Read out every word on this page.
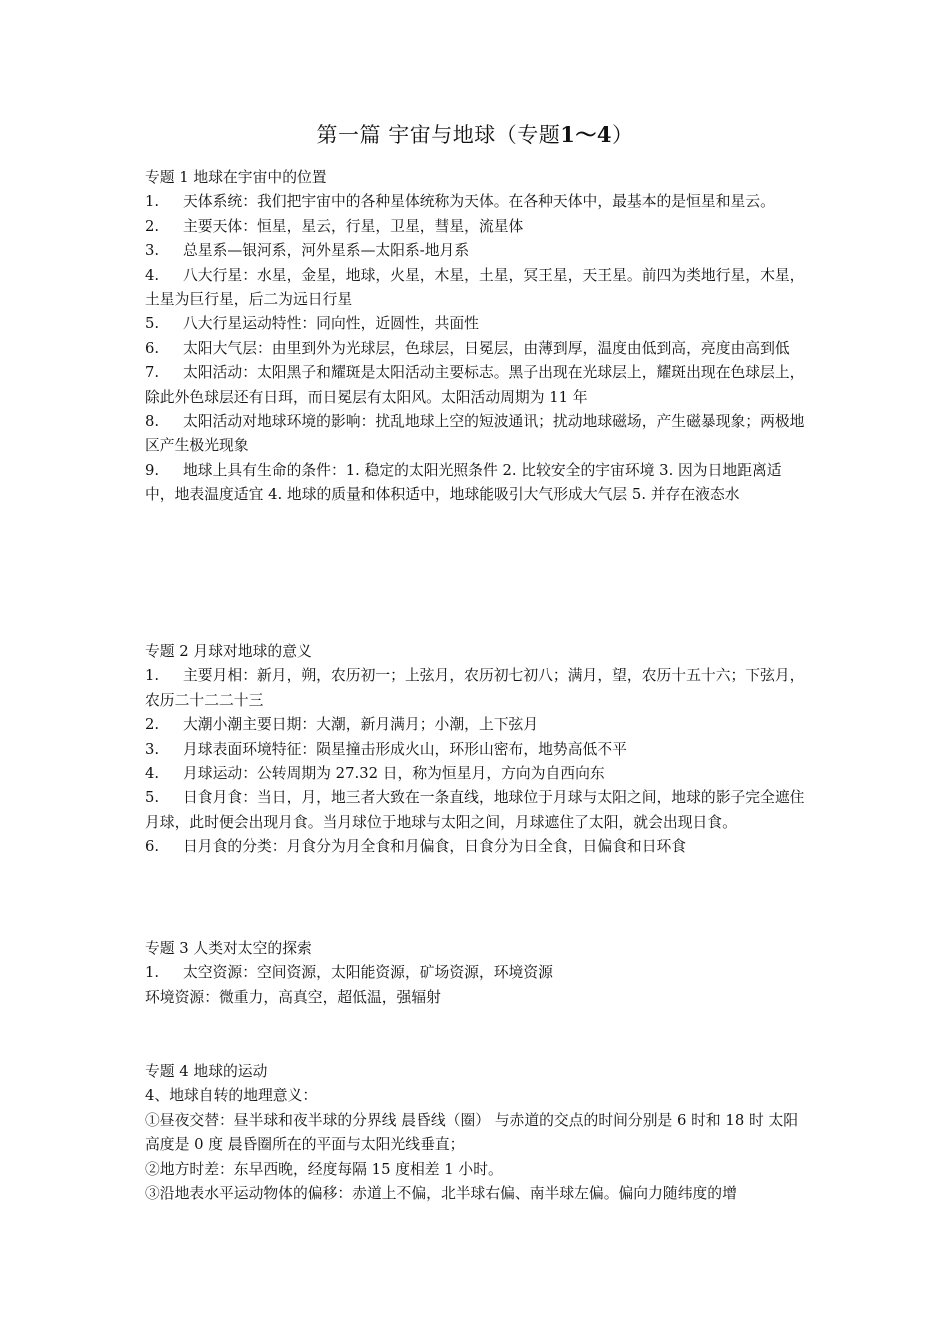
第一篇 宇宙与地球（专题1～4）

专题 1 地球在宇宙中的位置

1. 天体系统：我们把宇宙中的各种星体统称为天体。在各种天体中，最基本的是恒星和星云。

2. 主要天体：恒星，星云，行星，卫星，彗星，流星体

3. 总星系—银河系，河外星系—太阳系-地月系

4. 八大行星：水星，金星，地球，火星，木星，土星，冥王星，天王星。前四为类地行星，木星，土星为巨行星，后二为远日行星

5. 八大行星运动特性：同向性，近圆性，共面性

6. 太阳大气层：由里到外为光球层，色球层，日冕层，由薄到厚，温度由低到高，亮度由高到低

7. 太阳活动：太阳黑子和耀斑是太阳活动主要标志。黑子出现在光球层上，耀斑出现在色球层上，除此外色球层还有日珥，而日冕层有太阳风。太阳活动周期为 11 年

8. 太阳活动对地球环境的影响：扰乱地球上空的短波通讯；扰动地球磁场，产生磁暴现象；两极地区产生极光现象

9. 地球上具有生命的条件：1. 稳定的太阳光照条件 2. 比较安全的宇宙环境 3. 因为日地距离适中，地表温度适宜 4. 地球的质量和体积适中，地球能吸引大气形成大气层 5. 并存在液态水

专题 2 月球对地球的意义

1. 主要月相：新月，朔，农历初一；上弦月，农历初七初八；满月，望，农历十五十六；下弦月，农历二十二二十三

2. 大潮小潮主要日期：大潮，新月满月；小潮，上下弦月

3. 月球表面环境特征：陨星撞击形成火山，环形山密布，地势高低不平

4. 月球运动：公转周期为 27.32 日，称为恒星月，方向为自西向东

5. 日食月食：当日，月，地三者大致在一条直线，地球位于月球与太阳之间，地球的影子完全遮住月球，此时便会出现月食。当月球位于地球与太阳之间，月球遮住了太阳，就会出现日食。

6. 日月食的分类：月食分为月全食和月偏食，日食分为日全食，日偏食和日环食

专题 3 人类对太空的探索

1. 太空资源：空间资源，太阳能资源，矿场资源，环境资源

环境资源：微重力，高真空，超低温，强辐射

专题 4 地球的运动

4、地球自转的地理意义：

①昼夜交替：昼半球和夜半球的分界线 晨昏线（圈） 与赤道的交点的时间分别是 6 时和 18 时 太阳高度是 0 度 晨昏圈所在的平面与太阳光线垂直；

②地方时差：东早西晚，经度每隔 15 度相差 1 小时。

③沿地表水平运动物体的偏移：赤道上不偏，北半球右偏、南半球左偏。偏向力随纬度的增
